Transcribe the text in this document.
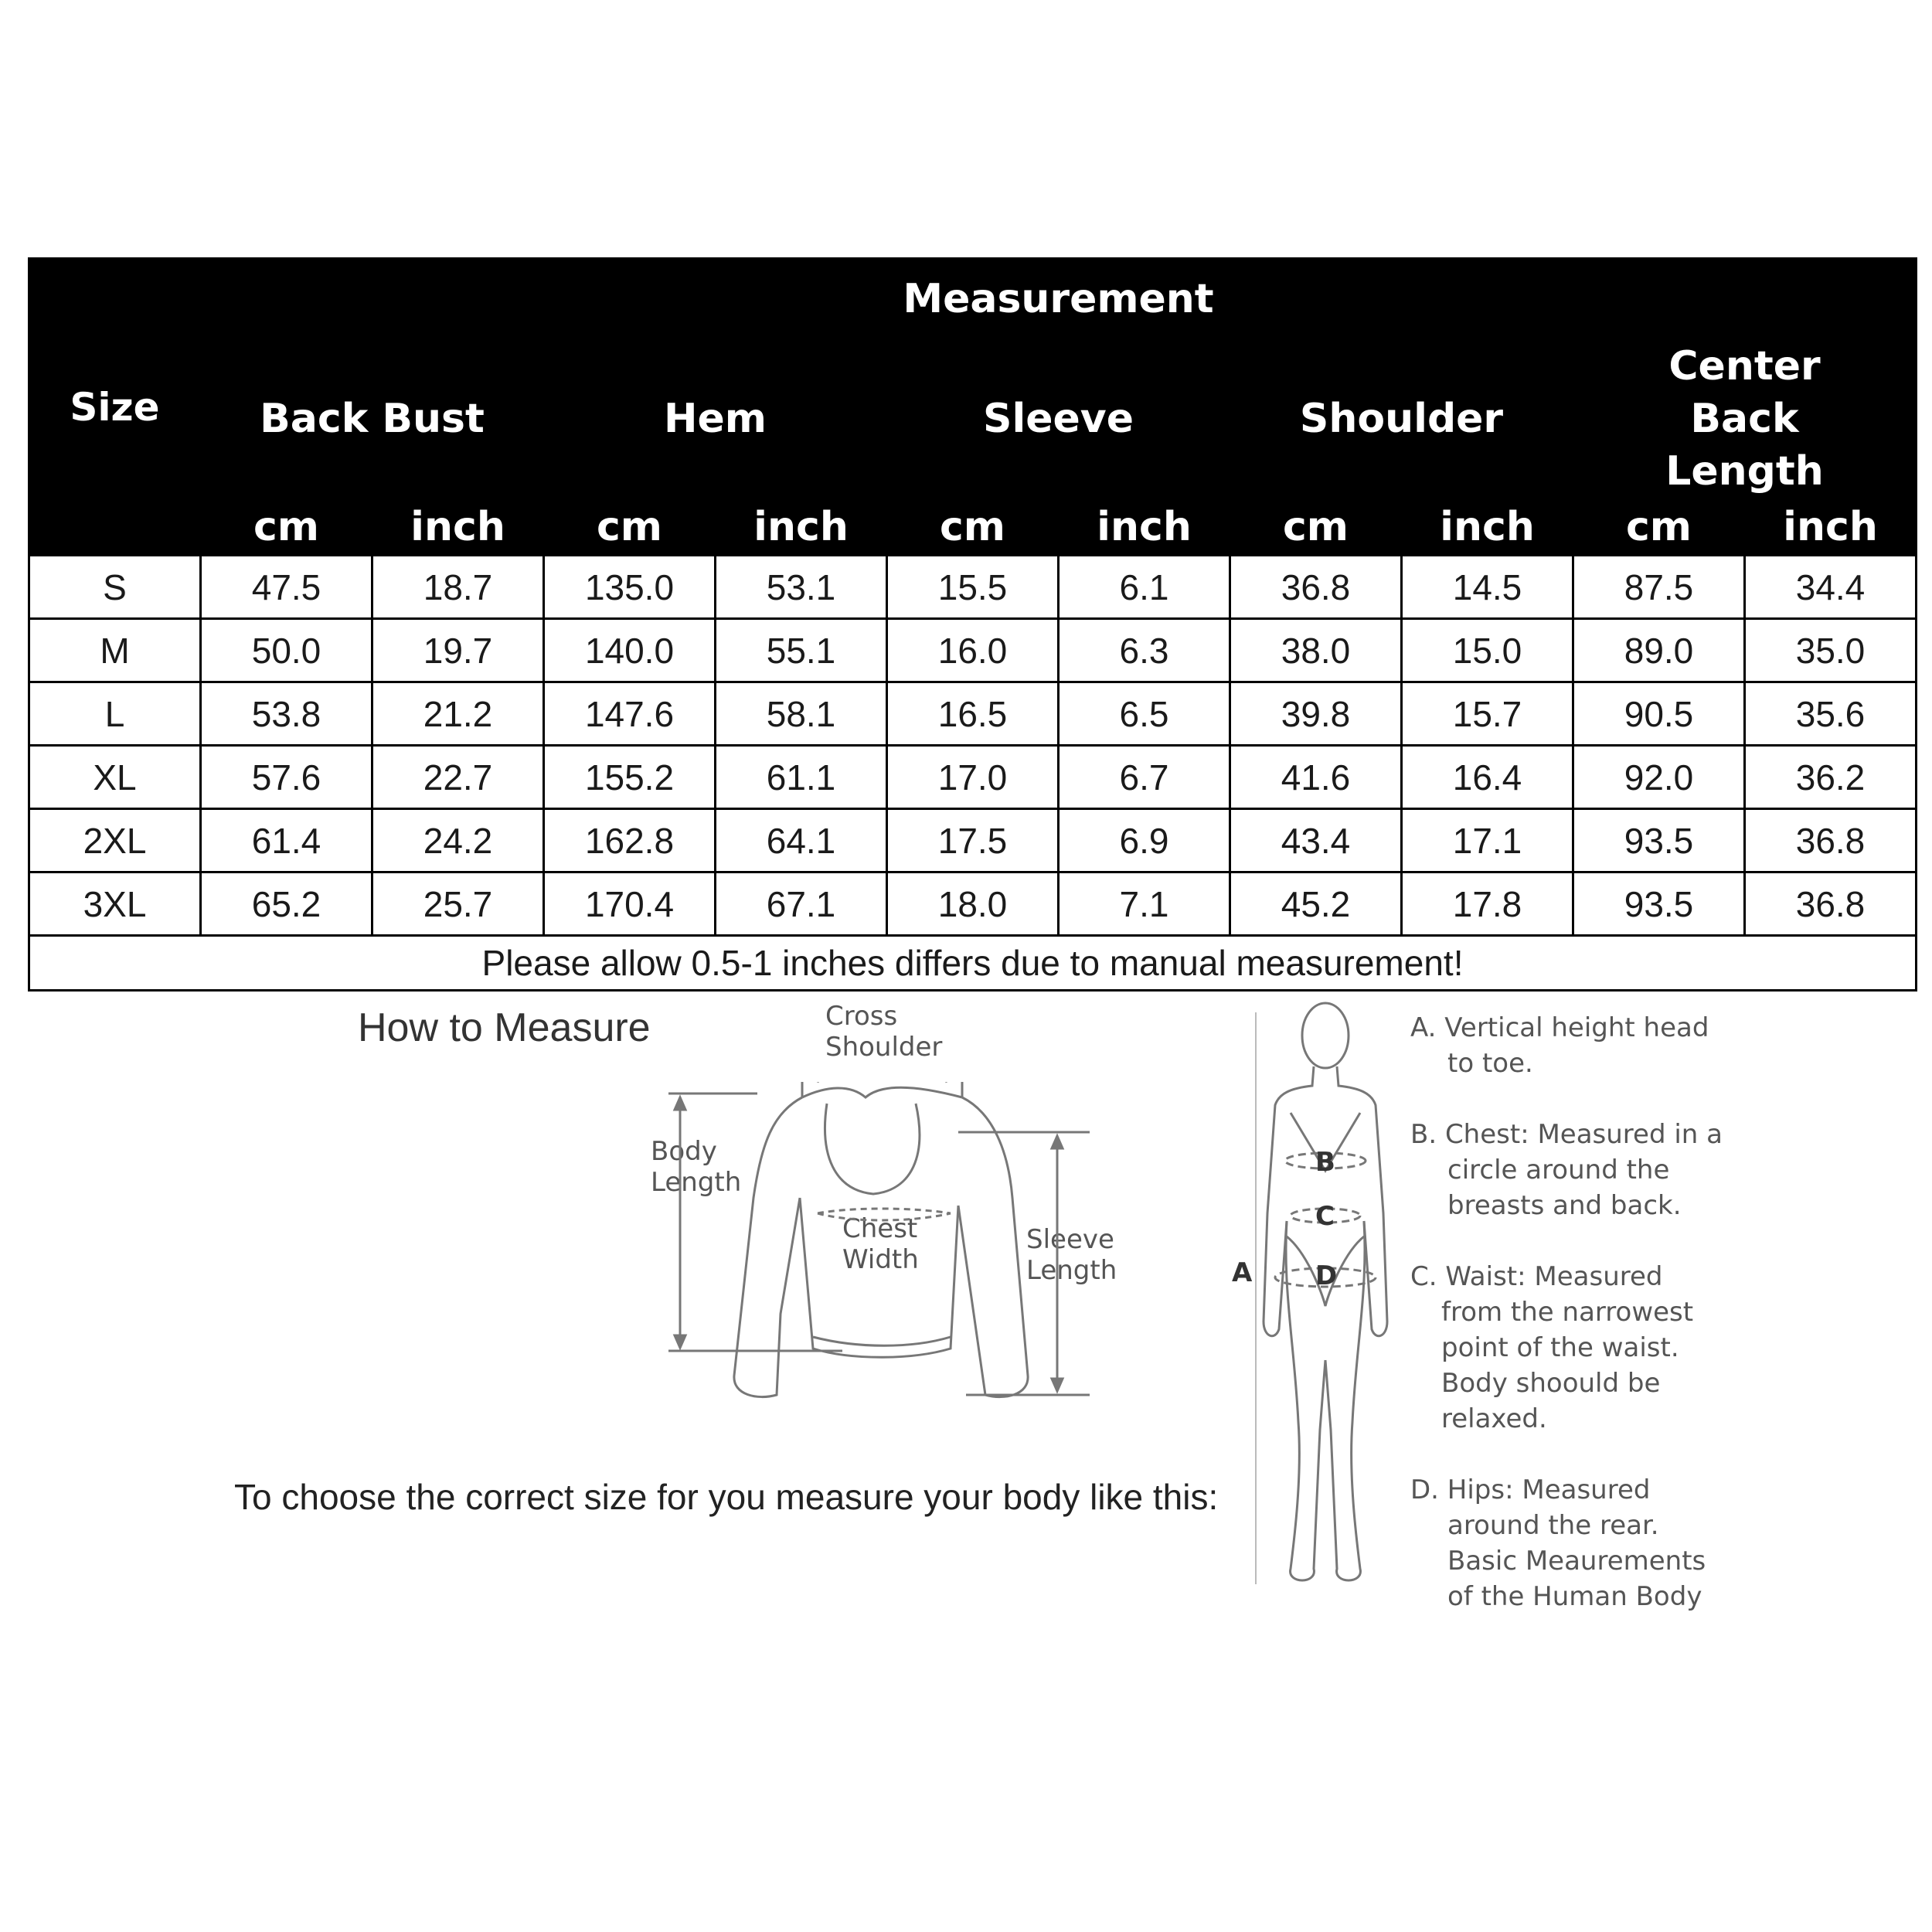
Size	Measurement									
	Back Bust		Hem		Sleeve		Shoulder		Center Back Length	
	cm	inch	cm	inch	cm	inch	cm	inch	cm	inch
S	47.5	18.7	135.0	53.1	15.5	6.1	36.8	14.5	87.5	34.4
M	50.0	19.7	140.0	55.1	16.0	6.3	38.0	15.0	89.0	35.0
L	53.8	21.2	147.6	58.1	16.5	6.5	39.8	15.7	90.5	35.6
XL	57.6	22.7	155.2	61.1	17.0	6.7	41.6	16.4	92.0	36.2
2XL	61.4	24.2	162.8	64.1	17.5	6.9	43.4	17.1	93.5	36.8
3XL	65.2	25.7	170.4	67.1	18.0	7.1	45.2	17.8	93.5	36.8
Please allow 0.5-1 inches differs due to manual measurement!										
How to Measure
To choose the correct size for you measure your body like this:
Cross
Shoulder
Body
Length
Chest
Width
Sleeve
Length
B
C
D
A
A. Vertical height head
to toe.
B. Chest: Measured in a
circle around the
breasts and back.
C. Waist: Measured
from the narrowest
point of the waist.
Body shoould be
relaxed.
D. Hips: Measured
around the rear.
Basic Meaurements
of the Human Body
